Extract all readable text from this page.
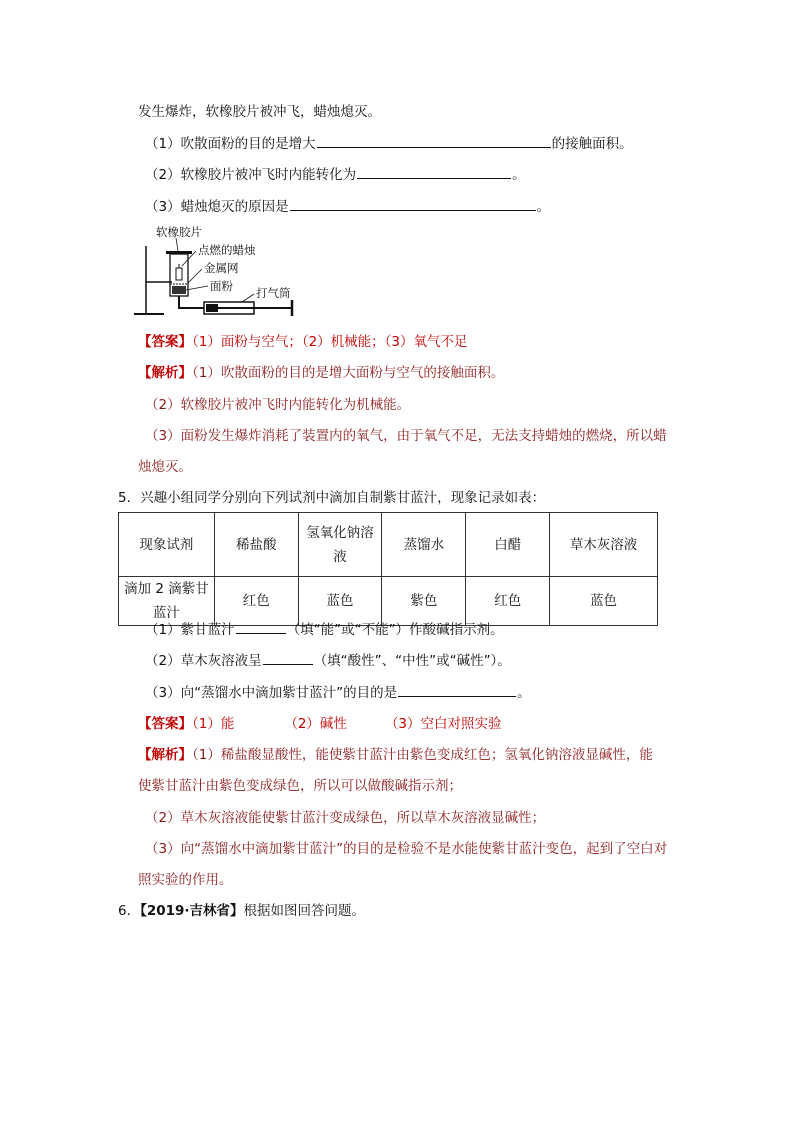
发生爆炸，软橡胶片被冲飞，蜡烛熄灭。
（1）吹散面粉的目的是增大	的接触面积。
（2）软橡胶片被冲飞时内能转化为	。
（3）蜡烛熄灭的原因是	。
软橡胶片
点燃的蜡烛
金属网
面粉 打气筒
【答案】（1）面粉与空气；（2）机械能；（3）氧气不足
【解析】（1）吹散面粉的目的是增大面粉与空气的接触面积。
（2）软橡胶片被冲飞时内能转化为机械能。
（3）面粉发生爆炸消耗了装置内的氧气，由于氧气不足，无法支持蜡烛的燃烧，所以蜡
烛熄灭。
5．兴趣小组同学分别向下列试剂中滴加自制紫甘蓝汁，现象记录如表：
现象试剂	稀盐酸	氢氧化钠溶
液	蒸馏水	白醋	草木灰溶液
滴加 2 滴紫甘蓝汁	红色	蓝色	紫色	红色	蓝色
（1）紫甘蓝汁	（填“能”或“不能”）作酸碱指示剂。
（2）草木灰溶液呈	（填“酸性”、“中性”或“碱性”）。
（3）向“蒸馏水中滴加紫甘蓝汁”的目的是	。
【答案】（1）能	（2）碱性	（3）空白对照实验
【解析】（1）稀盐酸显酸性，能使紫甘蓝汁由紫色变成红色；氢氧化钠溶液显碱性，能
使紫甘蓝汁由紫色变成绿色，所以可以做酸碱指示剂；
（2）草木灰溶液能使紫甘蓝汁变成绿色，所以草木灰溶液显碱性；
（3）向“蒸馏水中滴加紫甘蓝汁”的目的是检验不是水能使紫甘蓝汁变色，起到了空白对
照实验的作用。
6．【2019·吉林省】根据如图回答问题。
